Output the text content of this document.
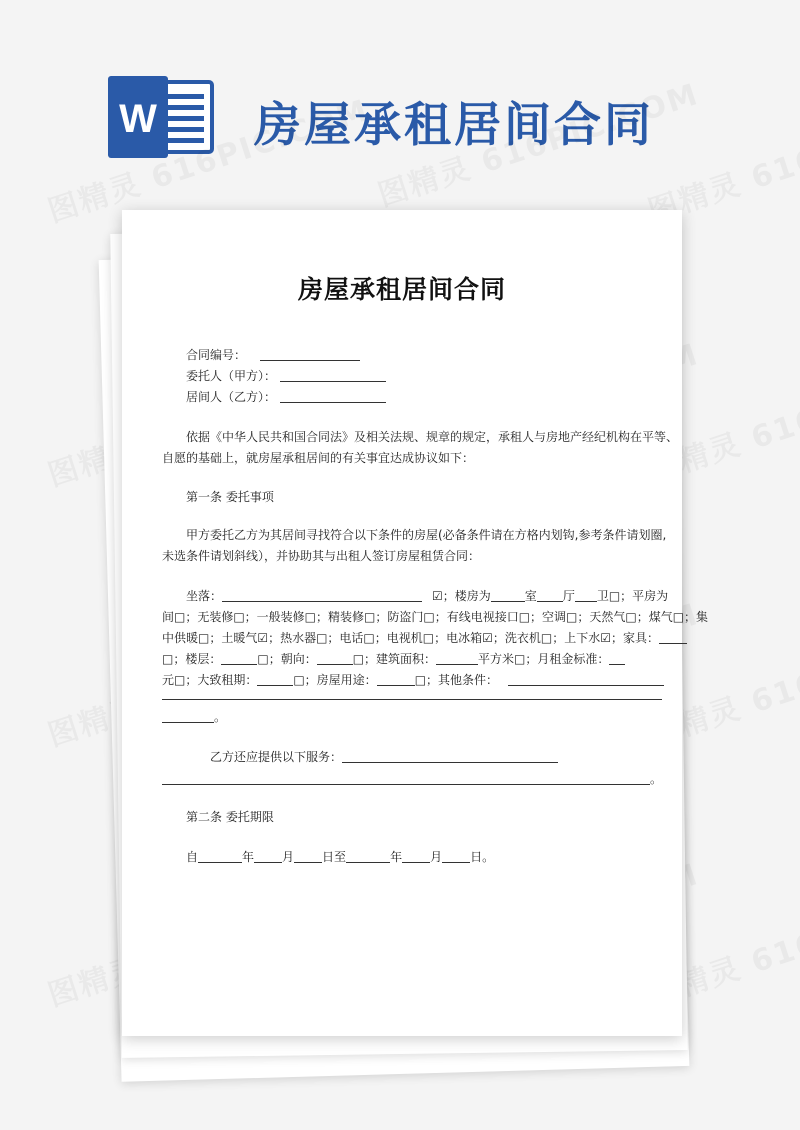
W 房屋承租居间合同
房屋承租居间合同
合同编号：
委托人（甲方）：
居间人（乙方）：
依据《中华人民共和国合同法》及相关法规、规章的规定，承租人与房地产经纪机构在平等、
自愿的基础上，就房屋承租居间的有关事宜达成协议如下：
第一条 委托事项
甲方委托乙方为其居间寻找符合以下条件的房屋(必备条件请在方格内划钩,参考条件请划圈,
未选条件请划斜线），并协助其与出租人签订房屋租赁合同：
坐落：	☑；楼房为	室 厅 卫□；平房为
间□；无装修□；一般装修□；精装修□；防盗门□；有线电视接口□；空调□；天然气□；煤气□；集
中供暖□；土暖气☑；热水器□；电话□；电视机□；电冰箱☑；洗衣机□；上下水☑；家具：
□；楼层：	□；朝向：	□；建筑面积：	平方米□；月租金标准：
元□；大致租期：	□；房屋用途：	□；其他条件：
。
乙方还应提供以下服务：
。
第二条 委托期限
自	年 月 日至	年 月 日。
